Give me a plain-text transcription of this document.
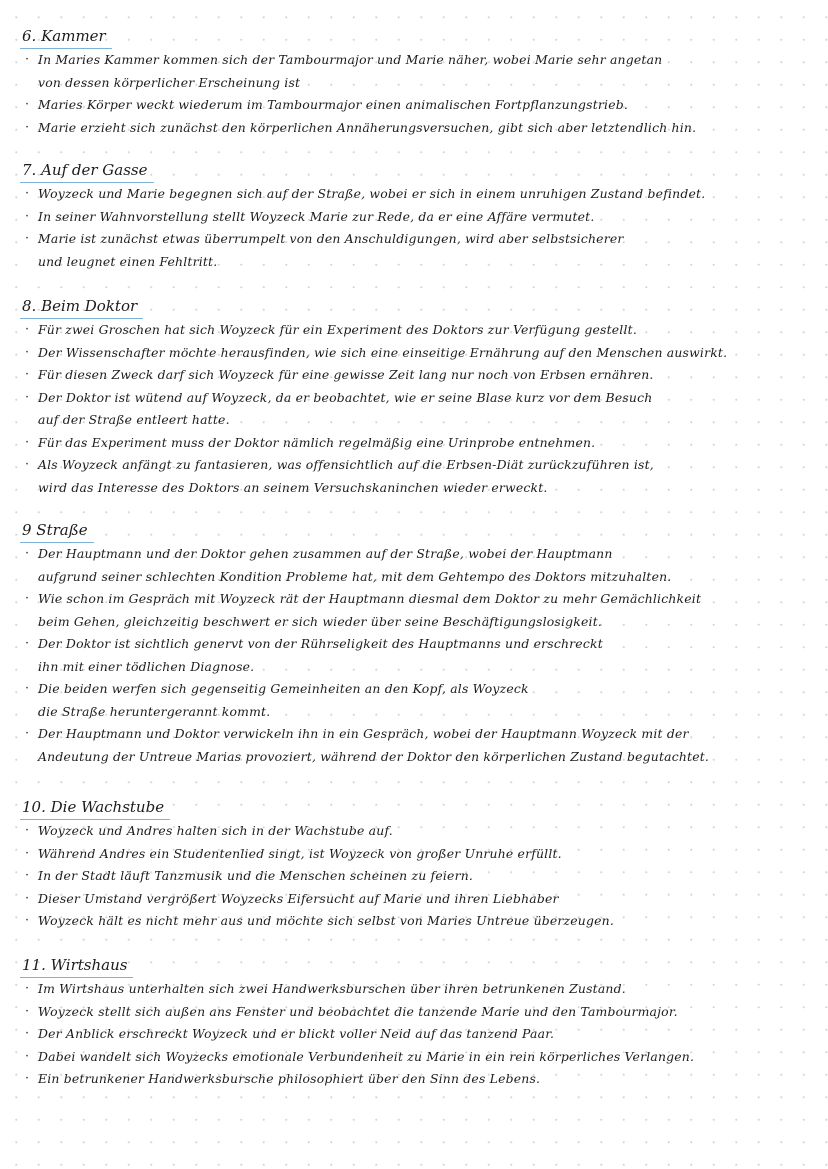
6. Kammer
· In Maries Kammer kommen sich der Tambourmajor und Marie näher, wobei Marie sehr angetan
von dessen körperlicher Erscheinung ist
· Maries Körper weckt wiederum im Tambourmajor einen animalischen Fortpflanzungstrieb.
· Marie erzieht sich zunächst den körperlichen Annäherungsversuchen, gibt sich aber letztendlich hin.
7. Auf der Gasse
· Woyzeck und Marie begegnen sich auf der Straße, wobei er sich in einem unruhigen Zustand befindet.
· In seiner Wahnvorstellung stellt Woyzeck Marie zur Rede, da er eine Affäre vermutet.
· Marie ist zunächst etwas überrumpelt von den Anschuldigungen, wird aber selbstsicherer
und leugnet einen Fehltritt.
8. Beim Doktor
· Für zwei Groschen hat sich Woyzeck für ein Experiment des Doktors zur Verfügung gestellt.
· Der Wissenschafter möchte herausfinden, wie sich eine einseitige Ernährung auf den Menschen auswirkt.
· Für diesen Zweck darf sich Woyzeck für eine gewisse Zeit lang nur noch von Erbsen ernähren.
· Der Doktor ist wütend auf Woyzeck, da er beobachtet, wie er seine Blase kurz vor dem Besuch
auf der Straße entleert hatte.
· Für das Experiment muss der Doktor nämlich regelmäßig eine Urinprobe entnehmen.
· Als Woyzeck anfängt zu fantasieren, was offensichtlich auf die Erbsen-Diät zurückzuführen ist,
wird das Interesse des Doktors an seinem Versuchskaninchen wieder erweckt.
9 Straße
· Der Hauptmann und der Doktor gehen zusammen auf der Straße, wobei der Hauptmann
aufgrund seiner schlechten Kondition Probleme hat, mit dem Gehtempo des Doktors mitzuhalten.
· Wie schon im Gespräch mit Woyzeck rät der Hauptmann diesmal dem Doktor zu mehr Gemächlichkeit
beim Gehen, gleichzeitig beschwert er sich wieder über seine Beschäftigungslosigkeit.
· Der Doktor ist sichtlich genervt von der Rührseligkeit des Hauptmanns und erschreckt
ihn mit einer tödlichen Diagnose.
· Die beiden werfen sich gegenseitig Gemeinheiten an den Kopf, als Woyzeck
die Straße heruntergerannt kommt.
· Der Hauptmann und Doktor verwickeln ihn in ein Gespräch, wobei der Hauptmann Woyzeck mit der
Andeutung der Untreue Marias provoziert, während der Doktor den körperlichen Zustand begutachtet.
10. Die Wachstube
· Woyzeck und Andres halten sich in der Wachstube auf.
· Während Andres ein Studentenlied singt, ist Woyzeck von großer Unruhe erfüllt.
· In der Stadt läuft Tanzmusik und die Menschen scheinen zu feiern.
· Dieser Umstand vergrößert Woyzecks Eifersucht auf Marie und ihren Liebhaber
· Woyzeck hält es nicht mehr aus und möchte sich selbst von Maries Untreue überzeugen.
11. Wirtshaus
· Im Wirtshaus unterhalten sich zwei Handwerksburschen über ihren betrunkenen Zustand.
· Woyzeck stellt sich außen ans Fenster und beobachtet die tanzende Marie und den Tambourmajor.
· Der Anblick erschreckt Woyzeck und er blickt voller Neid auf das tanzend Paar.
· Dabei wandelt sich Woyzecks emotionale Verbundenheit zu Marie in ein rein körperliches Verlangen.
· Ein betrunkener Handwerksbursche philosophiert über den Sinn des Lebens.
